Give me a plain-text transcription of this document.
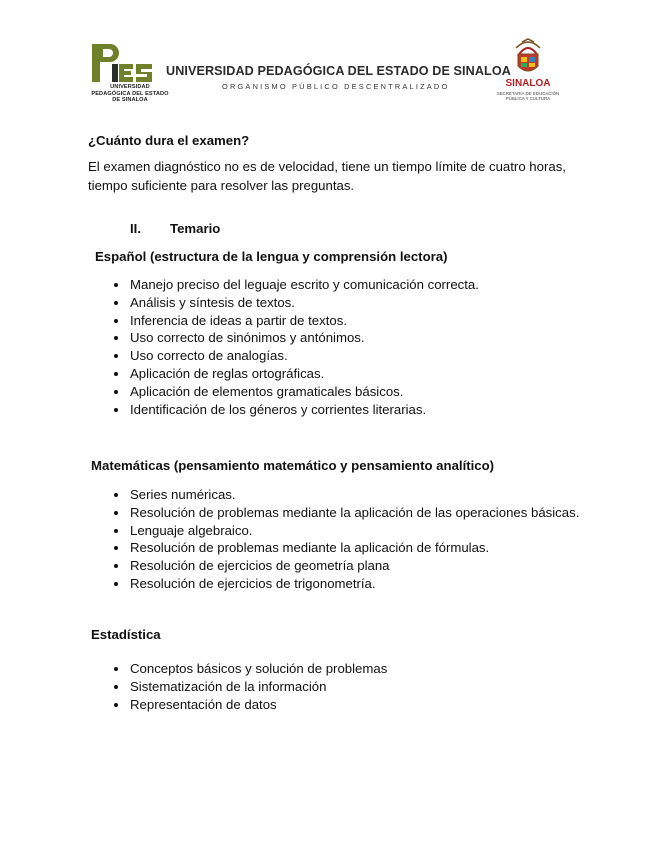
UNIVERSIDAD PEDAGÓGICA DEL ESTADO DE SINALOA
UNIVERSIDAD PEDAGÓGICA DEL ESTADO DE SINALOA
ORGANISMO PÚBLICO DESCENTRALIZADO	SINALOA
SECRETARÍA DE EDUCACIÓN PÚBLICA Y CULTURA
¿Cuánto dura el examen?
El examen diagnóstico no es de velocidad, tiene un tiempo límite de cuatro horas,
tiempo suficiente para resolver las preguntas.
II. Temario
Español (estructura de la lengua y comprensión lectora)
Manejo preciso del leguaje escrito y comunicación correcta.
Análisis y síntesis de textos.
Inferencia de ideas a partir de textos.
Uso correcto de sinónimos y antónimos.
Uso correcto de analogías.
Aplicación de reglas ortográficas.
Aplicación de elementos gramaticales básicos.
Identificación de los géneros y corrientes literarias.
Matemáticas (pensamiento matemático y pensamiento analítico)
Series numéricas.
Resolución de problemas mediante la aplicación de las operaciones básicas.
Lenguaje algebraico.
Resolución de problemas mediante la aplicación de fórmulas.
Resolución de ejercicios de geometría plana
Resolución de ejercicios de trigonometría.
Estadística
Conceptos básicos y solución de problemas
Sistematización de la información
Representación de datos
